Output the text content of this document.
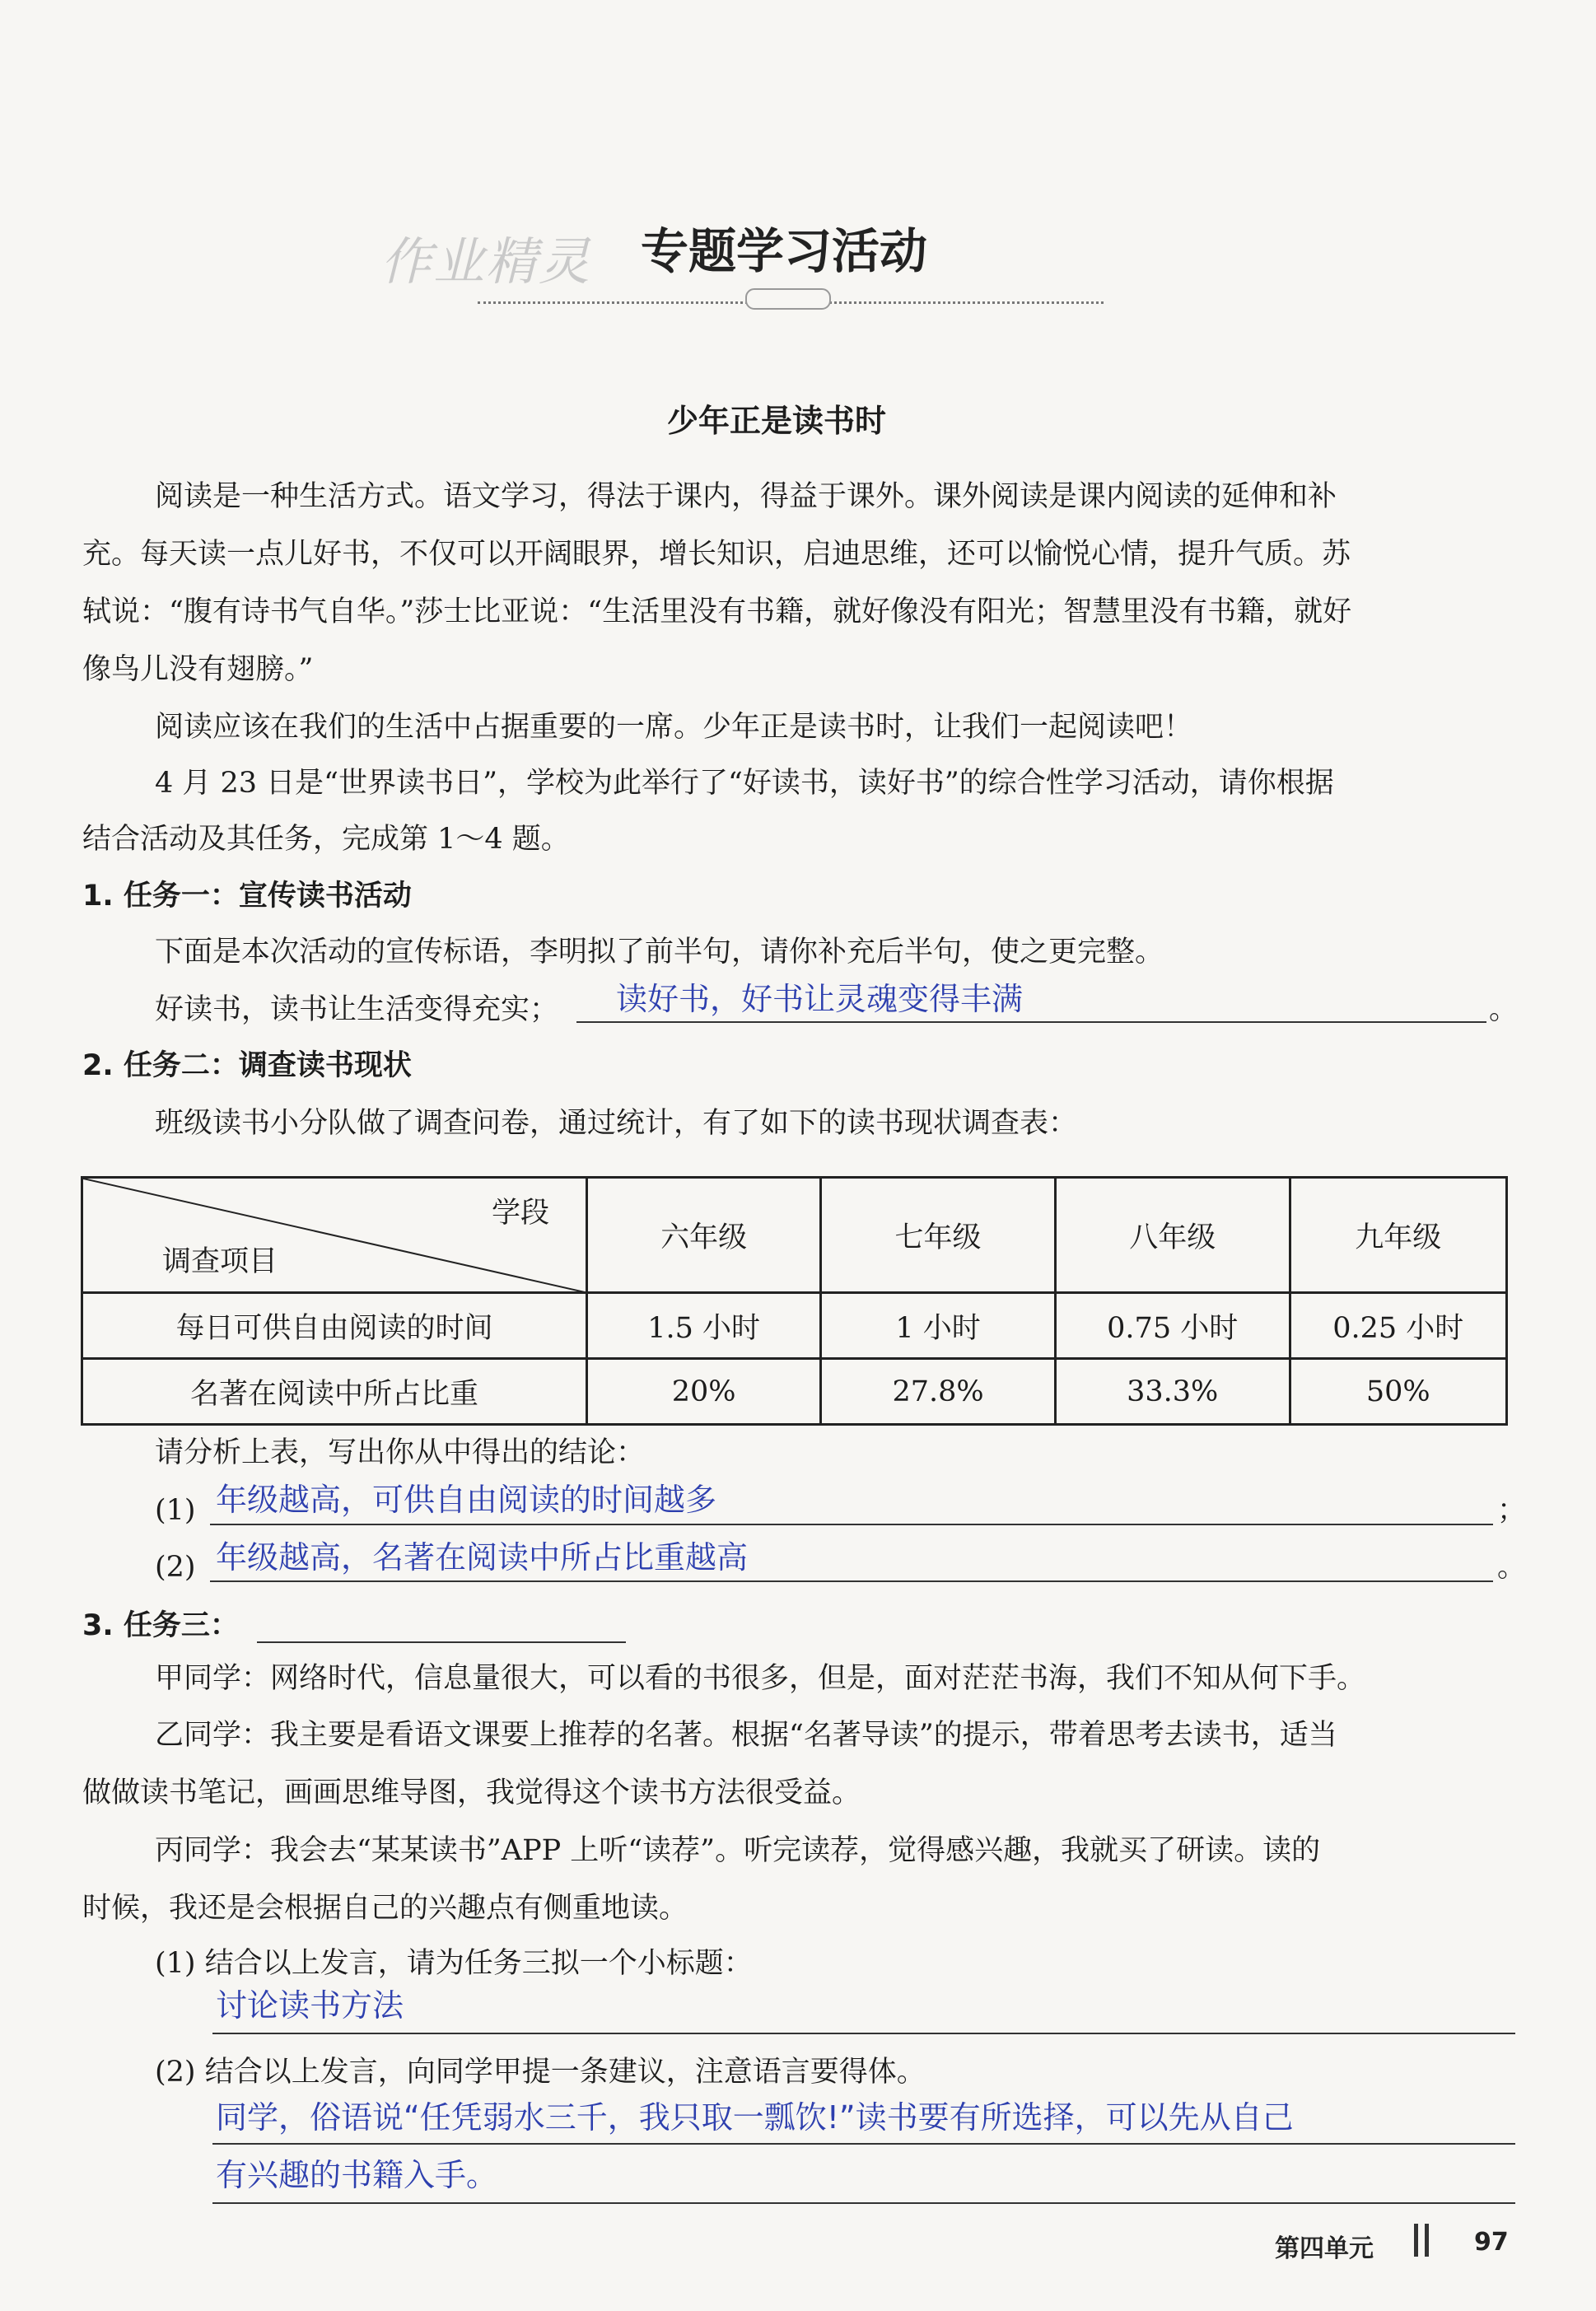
作业精灵 专题学习活动
少年正是读书时
阅读是一种生活方式。语文学习，得法于课内，得益于课外。课外阅读是课内阅读的延伸和补
充。每天读一点儿好书，不仅可以开阔眼界，增长知识，启迪思维，还可以愉悦心情，提升气质。苏
轼说：“腹有诗书气自华。”莎士比亚说：“生活里没有书籍，就好像没有阳光；智慧里没有书籍，就好
像鸟儿没有翅膀。”
阅读应该在我们的生活中占据重要的一席。少年正是读书时，让我们一起阅读吧！
4 月 23 日是“世界读书日”，学校为此举行了“好读书，读好书”的综合性学习活动，请你根据
结合活动及其任务，完成第 1～4 题。
1. 任务一：宣传读书活动
下面是本次活动的宣传标语，李明拟了前半句，请你补充后半句，使之更完整。
好读书，读书让生活变得充实； 读好书，好书让灵魂变得丰满	。
2. 任务二：调查读书现状
班级读书小分队做了调查问卷，通过统计，有了如下的读书现状调查表：
学段
调查项目	六年级	七年级	八年级	九年级
每日可供自由阅读的时间	1.5 小时	1 小时	0.75 小时	0.25 小时
名著在阅读中所占比重	20%	27.8%	33.3%	50%
请分析上表，写出你从中得出的结论：
(1) 年级越高，可供自由阅读的时间越多	；
(2) 年级越高，名著在阅读中所占比重越高	。
3. 任务三：
甲同学：网络时代，信息量很大，可以看的书很多，但是，面对茫茫书海，我们不知从何下手。
乙同学：我主要是看语文课要上推荐的名著。根据“名著导读”的提示，带着思考去读书，适当
做做读书笔记，画画思维导图，我觉得这个读书方法很受益。
丙同学：我会去“某某读书”APP 上听“读荐”。听完读荐，觉得感兴趣，我就买了研读。读的
时候，我还是会根据自己的兴趣点有侧重地读。
(1) 结合以上发言，请为任务三拟一个小标题：
讨论读书方法
(2) 结合以上发言，向同学甲提一条建议，注意语言要得体。
同学，俗语说“任凭弱水三千，我只取一瓢饮!”读书要有所选择，可以先从自己
有兴趣的书籍入手。
第四单元	97
